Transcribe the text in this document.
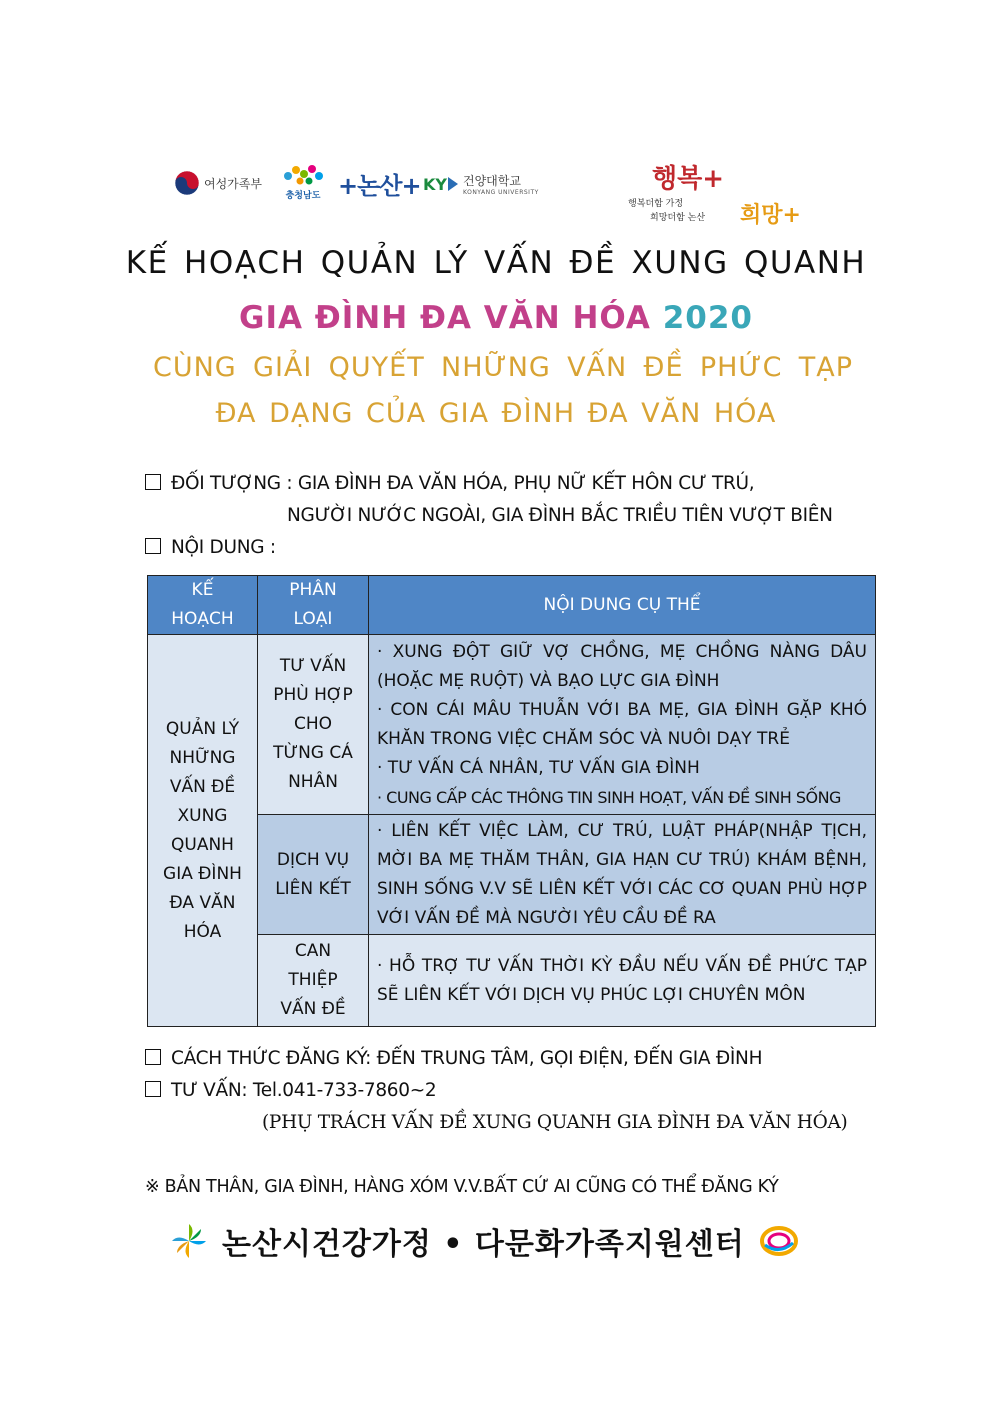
여성가족부
충청남도 +논산+ KY 건양대학교
KONYANG UNIVERSITY	행복+
행복더함 가정
희망더함 논산 희망+
KẾ HOẠCH QUẢN LÝ VẤN ĐỀ XUNG QUANH
GIA ĐÌNH ĐA VĂN HÓA 2020
CÙNG GIẢI QUYẾT NHỮNG VẤN ĐỀ PHỨC TẠP
ĐA DẠNG CỦA GIA ĐÌNH ĐA VĂN HÓA
ĐỐI TƯỢNG : GIA ĐÌNH ĐA VĂN HÓA, PHỤ NỮ KẾT HÔN CƯ TRÚ,
NGƯỜI NƯỚC NGOÀI, GIA ĐÌNH BẮC TRIỀU TIÊN VƯỢT BIÊN
NỘI DUNG :
KẾ HOẠCH	PHÂN LOẠI	NỘI DUNG CỤ THỂ
QUẢN LÝ NHỮNG VẤN ĐỀ XUNG QUANH GIA ĐÌNH ĐA VĂN HÓA	TƯ VẤN PHÙ HỢP CHO TỪNG CÁ NHÂN	· XUNG ĐỘT GIỮ VỢ CHỒNG, MẸ CHỒNG NÀNG DÂU (HOẶC MẸ RUỘT) VÀ BẠO LỰC GIA ĐÌNH
· CON CÁI MÂU THUẪN VỚI BA MẸ, GIA ĐÌNH GẶP KHÓ KHĂN TRONG VIỆC CHĂM SÓC VÀ NUÔI DẠY TRẺ
· TƯ VẤN CÁ NHÂN, TƯ VẤN GIA ĐÌNH
· CUNG CẤP CÁC THÔNG TIN SINH HOẠT, VẤN ĐỀ SINH SỐNG

	DỊCH VỤ LIÊN KẾT	· LIÊN KẾT VIỆC LÀM, CƯ TRÚ, LUẬT PHÁP(NHẬP TỊCH, MỜI BA MẸ THĂM THÂN, GIA HẠN CƯ TRÚ) KHÁM BỆNH, SINH SỐNG V.V SẼ LIÊN KẾT VỚI CÁC CƠ QUAN PHÙ HỢP VỚI VẤN ĐỀ MÀ NGƯỜI YÊU CẦU ĐỀ RA

	CAN THIỆP VẤN ĐỀ	· HỖ TRỢ TƯ VẤN THỜI KỲ ĐẦU NẾU VẤN ĐỀ PHỨC TẠP SẼ LIÊN KẾT VỚI DỊCH VỤ PHÚC LỢI CHUYÊN MÔN
CÁCH THỨC ĐĂNG KÝ: ĐẾN TRUNG TÂM, GỌI ĐIỆN, ĐẾN GIA ĐÌNH
TƯ VẤN: Tel.041-733-7860~2
(PHỤ TRÁCH VẤN ĐỀ XUNG QUANH GIA ĐÌNH ĐA VĂN HÓA)
※ BẢN THÂN, GIA ĐÌNH, HÀNG XÓM V.V.BẤT CỨ AI CŨNG CÓ THỂ ĐĂNG KÝ
논산시건강가정 • 다문화가족지원센터
